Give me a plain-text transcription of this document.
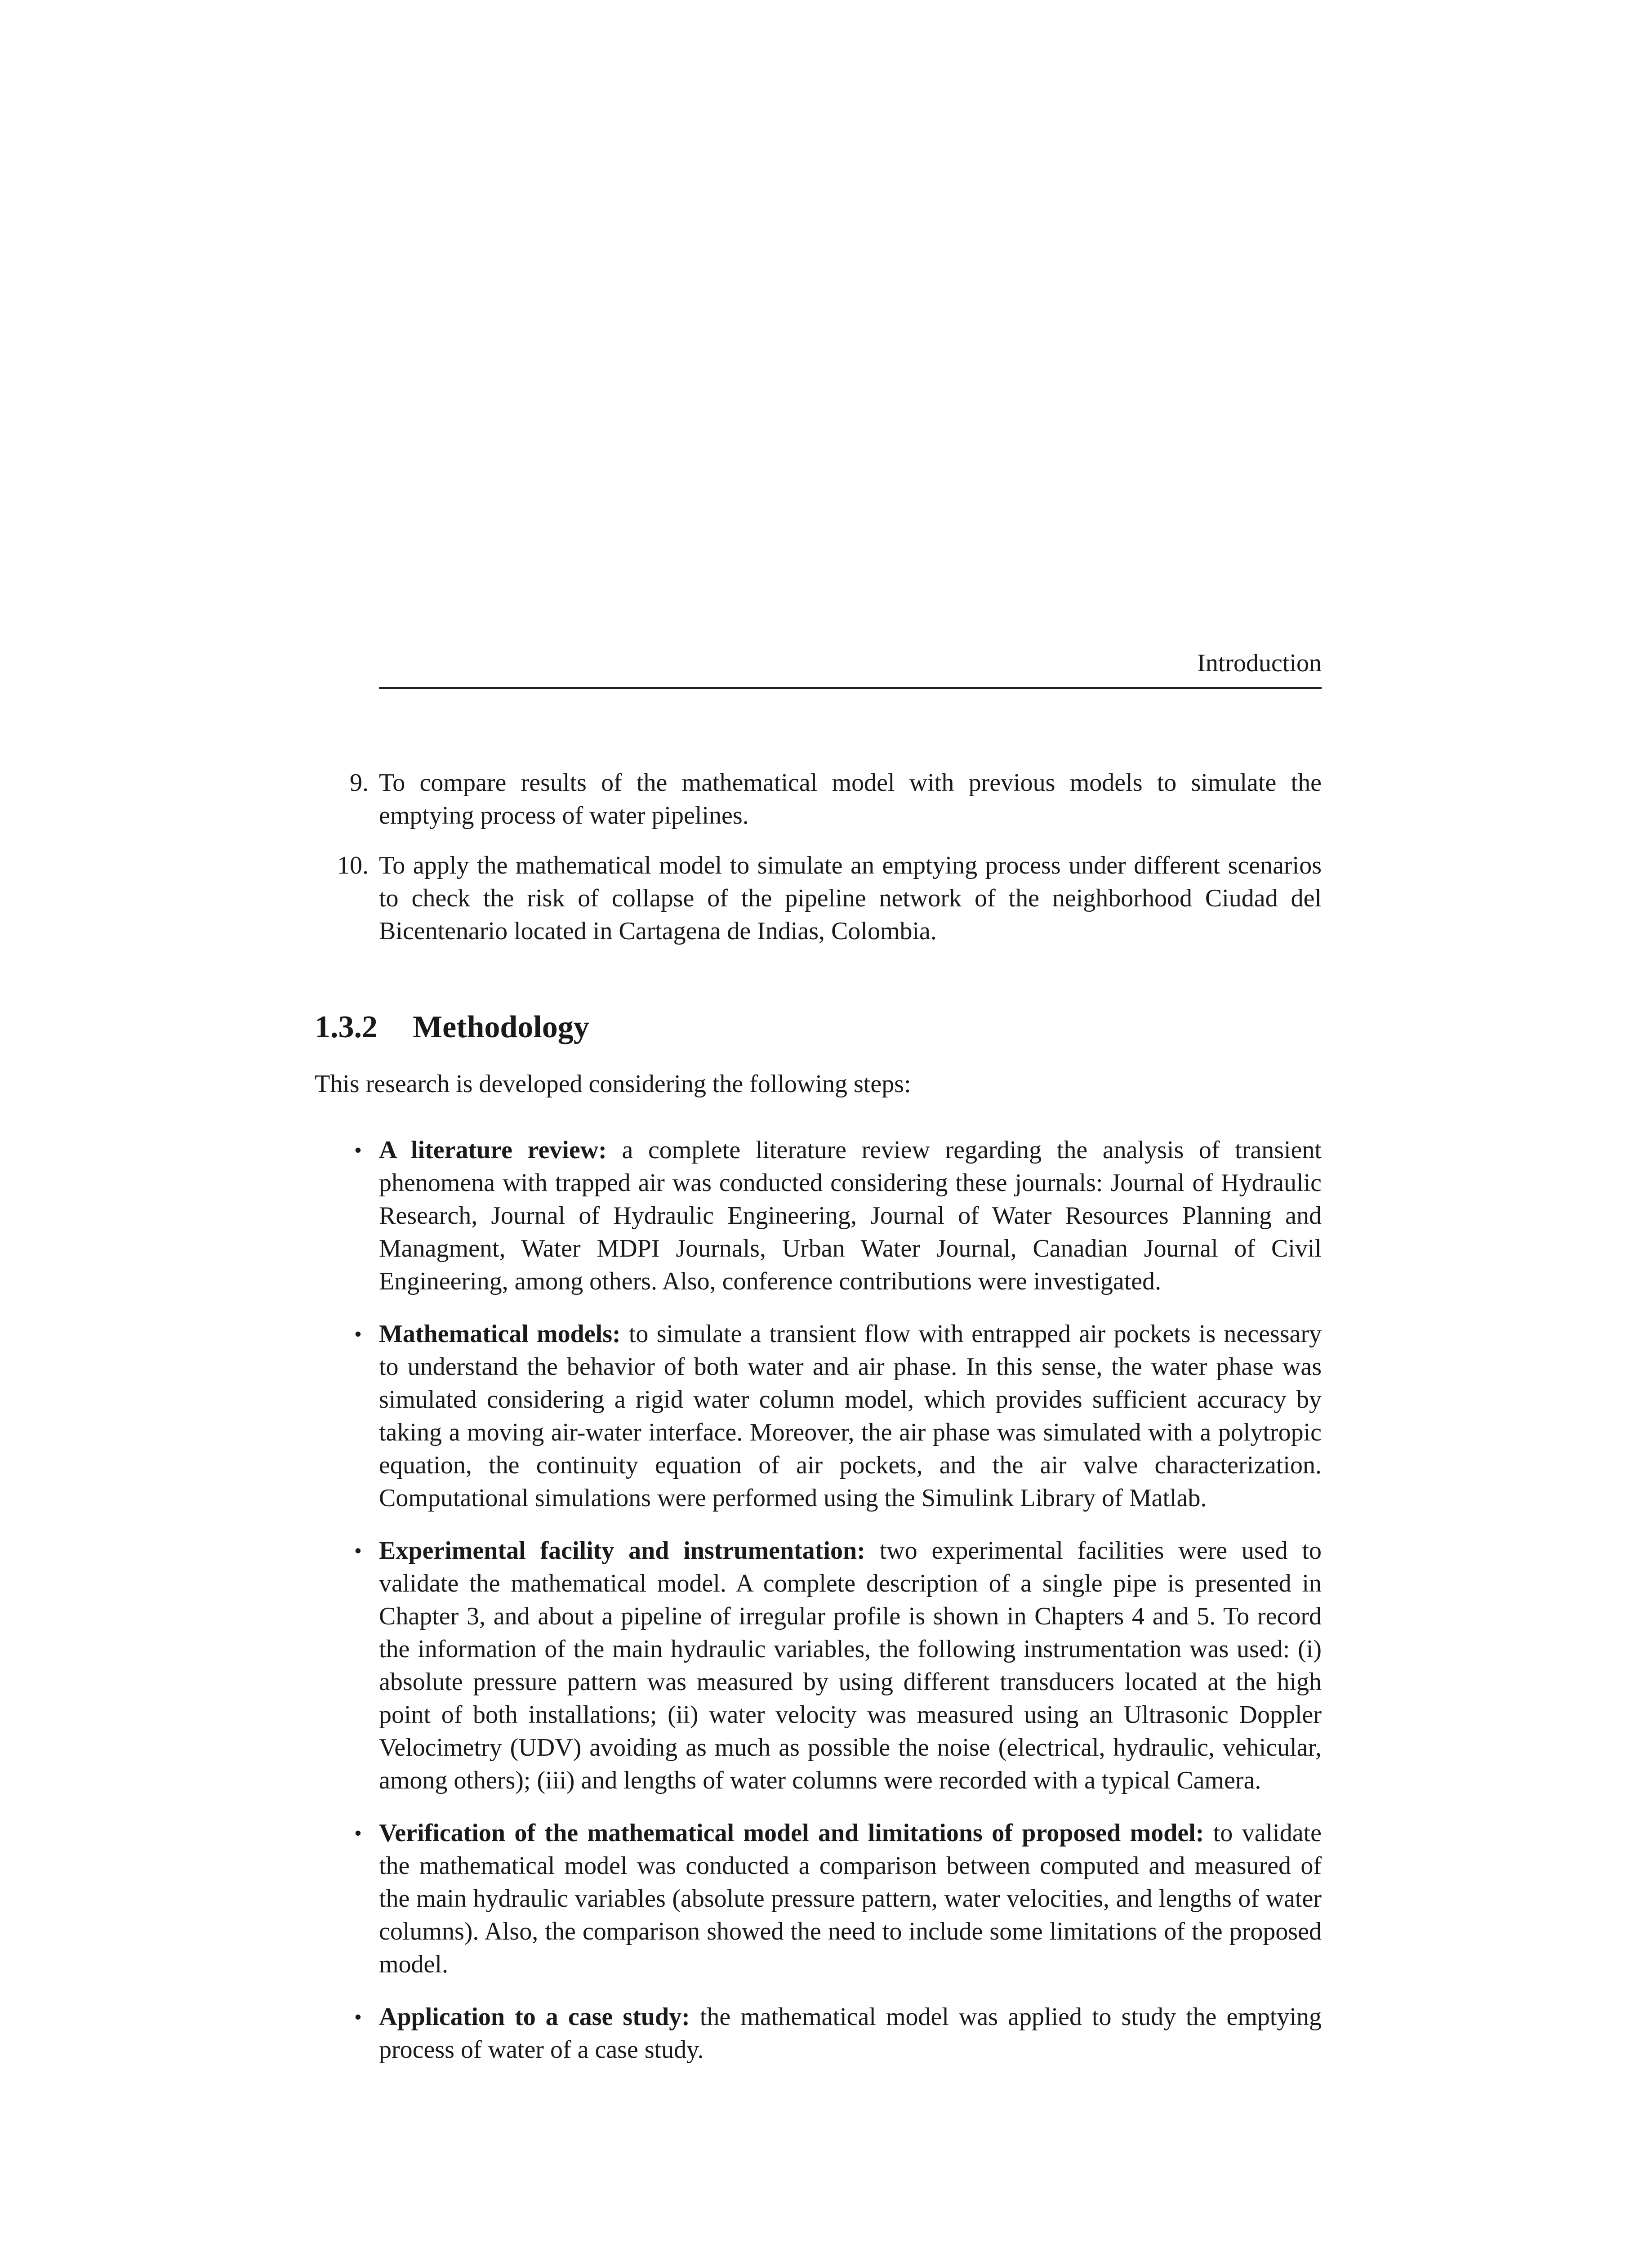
Introduction
9. To compare results of the mathematical model with previous models to simulate the emptying process of water pipelines.
10. To apply the mathematical model to simulate an emptying process under different scenarios to check the risk of collapse of the pipeline network of the neighborhood Ciudad del Bicentenario located in Cartagena de Indias, Colombia.
1.3.2 Methodology

This research is developed considering the following steps:

• A literature review: a complete literature review regarding the analysis of transient phenomena with trapped air was conducted considering these journals: Journal of Hydraulic Research, Journal of Hydraulic Engineering, Journal of Water Resources Planning and Managment, Water MDPI Journals, Urban Water Journal, Canadian Journal of Civil Engineering, among others. Also, conference contributions were investigated.
• Mathematical models: to simulate a transient flow with entrapped air pockets is necessary to understand the behavior of both water and air phase. In this sense, the water phase was simulated considering a rigid water column model, which provides sufficient accuracy by taking a moving air-water interface. Moreover, the air phase was simulated with a polytropic equation, the continuity equation of air pockets, and the air valve characterization. Computational simulations were performed using the Simulink Library of Matlab.
• Experimental facility and instrumentation: two experimental facilities were used to validate the mathematical model. A complete description of a single pipe is presented in Chapter 3, and about a pipeline of irregular profile is shown in Chapters 4 and 5. To record the information of the main hydraulic variables, the following instrumentation was used: (i) absolute pressure pattern was measured by using different transducers located at the high point of both installations; (ii) water velocity was measured using an Ultrasonic Doppler Velocimetry (UDV) avoiding as much as possible the noise (electrical, hydraulic, vehicular, among others); (iii) and lengths of water columns were recorded with a typical Camera.
• Verification of the mathematical model and limitations of proposed model: to validate the mathematical model was conducted a comparison between computed and measured of the main hydraulic variables (absolute pressure pattern, water velocities, and lengths of water columns). Also, the comparison showed the need to include some limitations of the proposed model.
• Application to a case study: the mathematical model was applied to study the emptying process of water of a case study.
